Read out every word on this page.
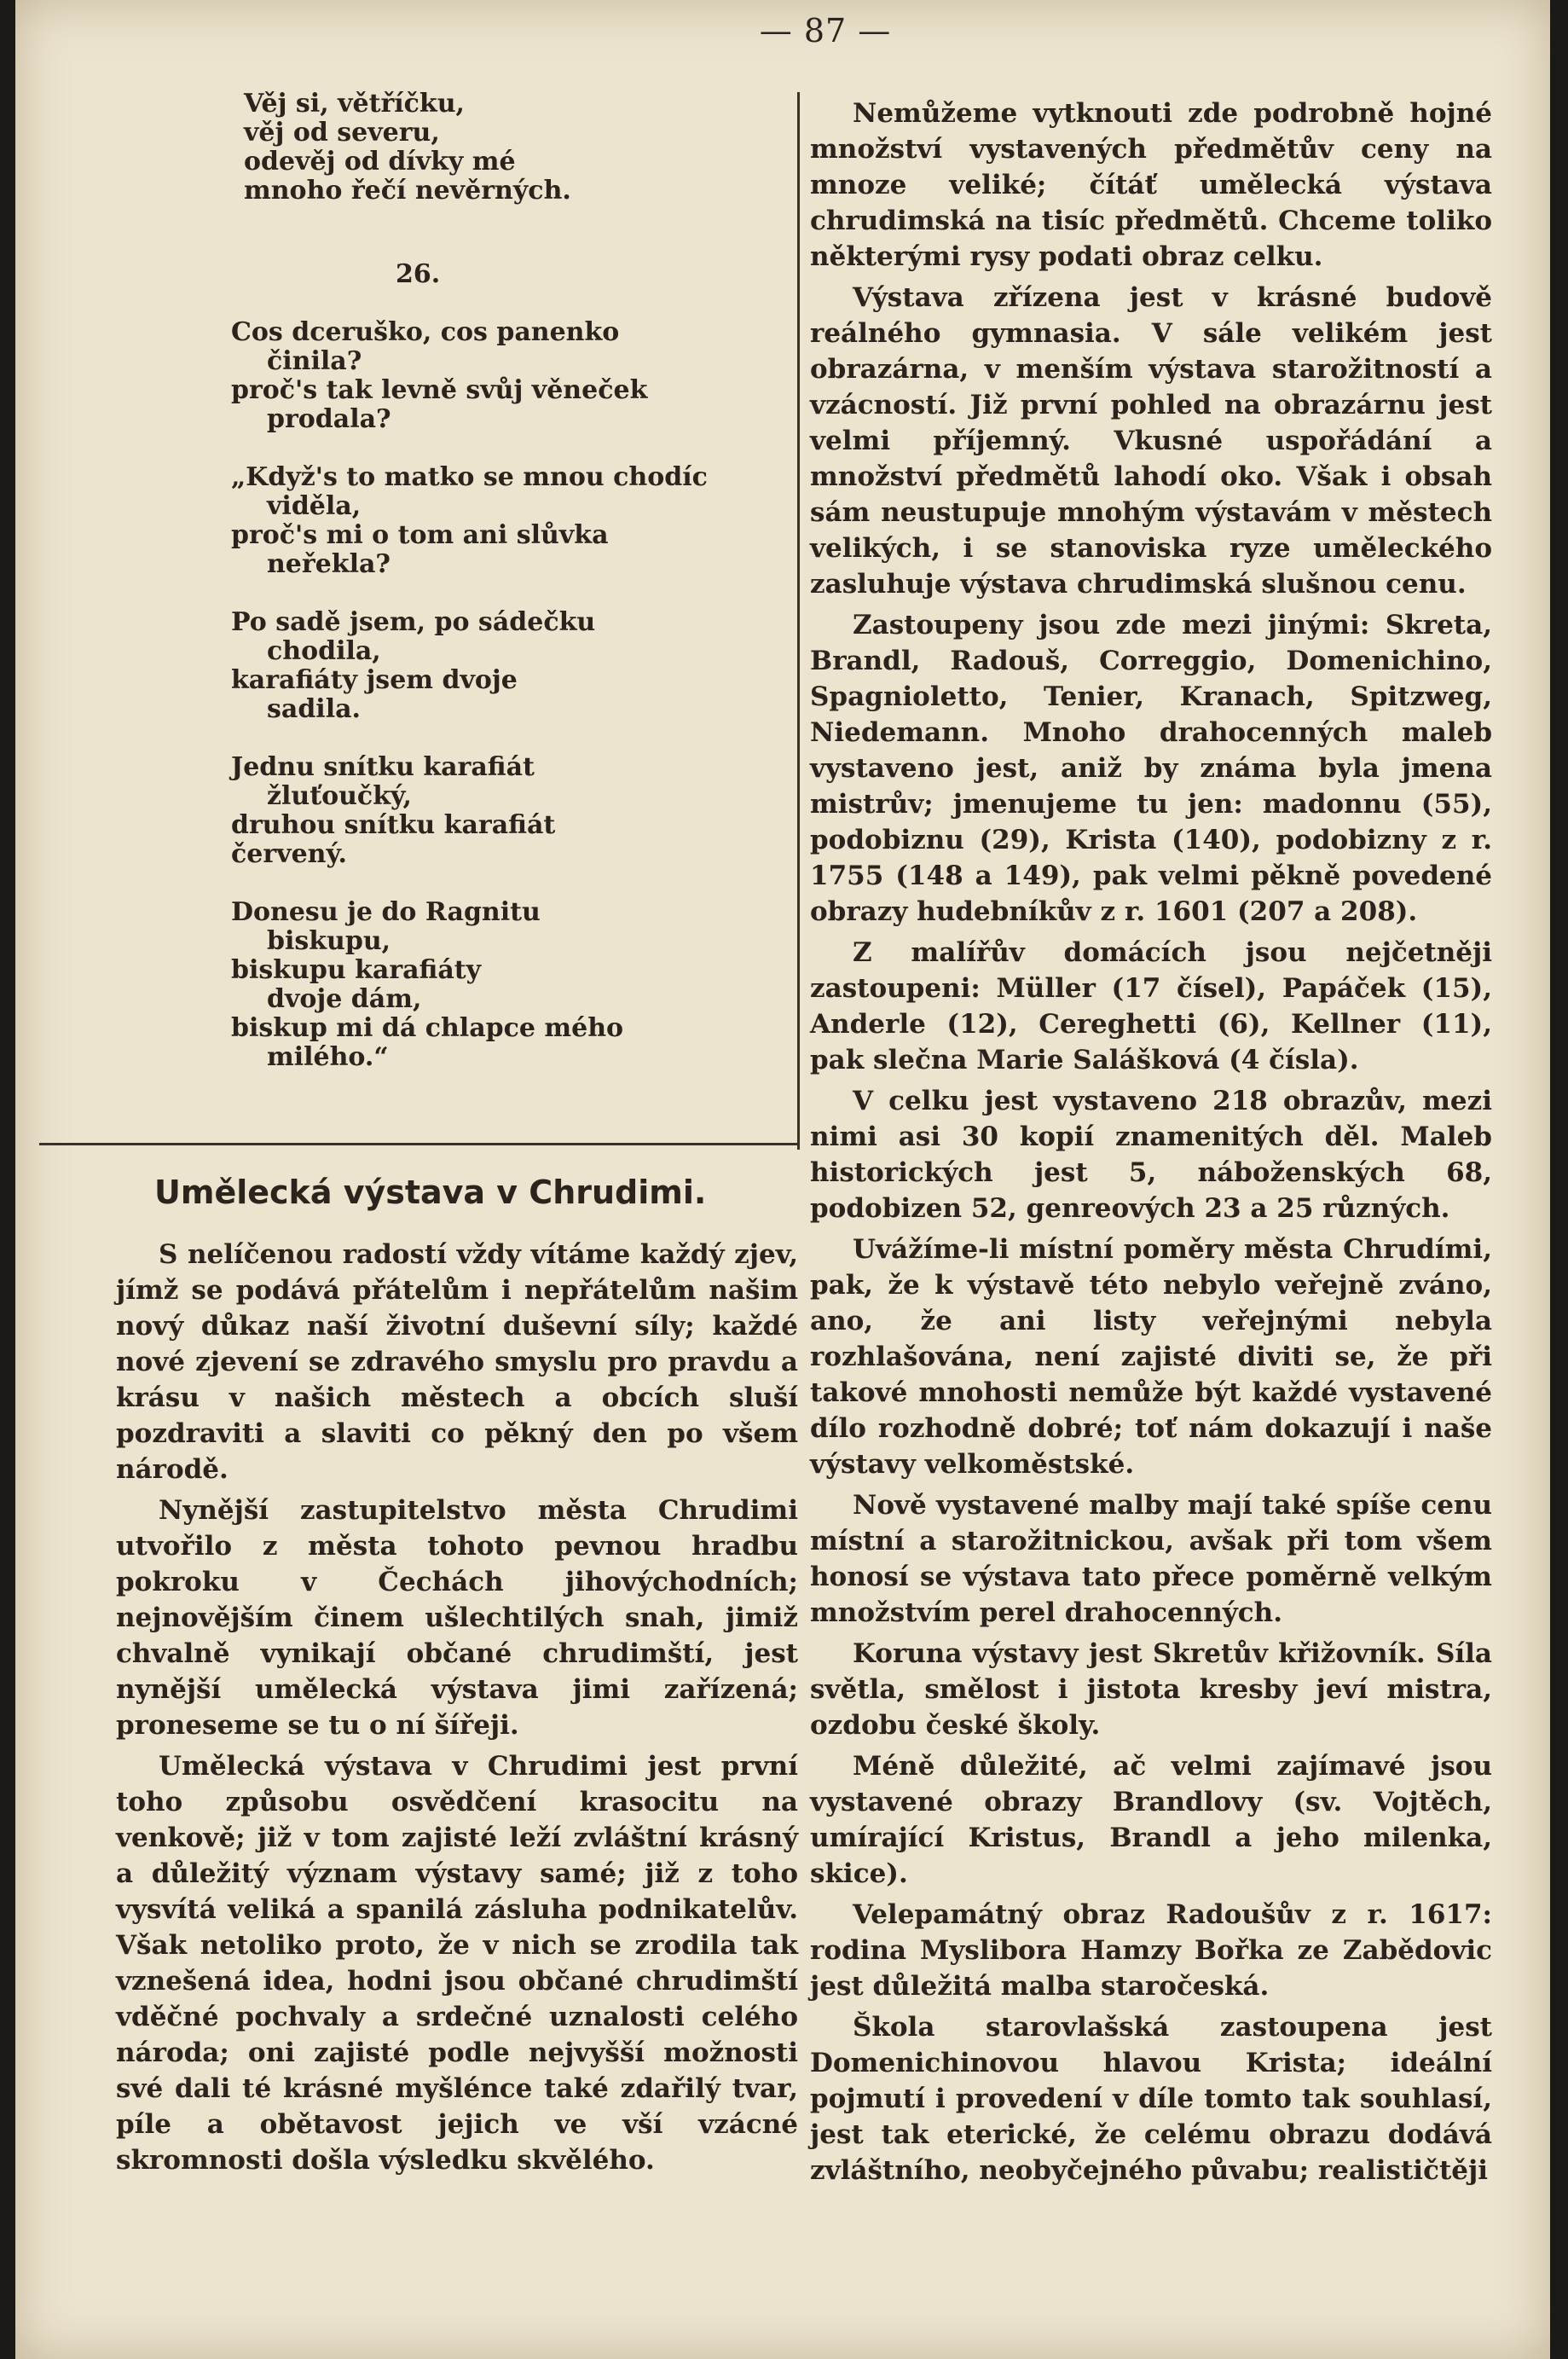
— 87 —
Věj si, větříčku,
věj od severu,
odevěj od dívky mé
mnoho řečí nevěrných.
26.
Cos dceruško, cos panenko
činila?
proč's tak levně svůj věneček
prodala?
„Když's to matko se mnou chodíc
viděla,
proč's mi o tom ani slůvka
neřekla?
Po sadě jsem, po sádečku
chodila,
karafiáty jsem dvoje
sadila.
Jednu snítku karafiát
žluťoučký,
druhou snítku karafiát
červený.
Donesu je do Ragnitu
biskupu,
biskupu karafiáty
dvoje dám,
biskup mi dá chlapce mého
milého.“
Umělecká výstava v Chrudimi.

S nelíčenou radostí vždy vítáme každý zjev, jímž se podává přátelům i nepřátelům našim nový důkaz naší životní duševní síly; každé nové zjevení se zdravého smyslu pro pravdu a krásu v našich městech a obcích sluší pozdraviti a slaviti co pěkný den po všem národě.

Nynější zastupitelstvo města Chrudimi utvořilo z města tohoto pevnou hradbu pokroku v Čechách jihovýchodních; nejnovějším činem ušlechtilých snah, jimiž chvalně vynikají občané chrudimští, jest nynější umělecká výstava jimi zařízená; proneseme se tu o ní šířeji.

Umělecká výstava v Chrudimi jest první toho způsobu osvědčení krasocitu na venkově; již v tom zajisté leží zvláštní krásný a důležitý význam výstavy samé; již z toho vysvítá veliká a spanilá zásluha podnikatelův. Však netoliko proto, že v nich se zrodila tak vznešená idea, hodni jsou občané chrudimští vděčné pochvaly a srdečné uznalosti celého národa; oni zajisté podle nejvyšší možnosti své dali té krásné myšlénce také zdařilý tvar, píle a obětavost jejich ve vší vzácné skromnosti došla výsledku skvělého.

Nemůžeme vytknouti zde podrobně hojné množství vystavených předmětův ceny na mnoze veliké; čítáť umělecká výstava chrudimská na tisíc předmětů. Chceme toliko některými rysy podati obraz celku.

Výstava zřízena jest v krásné budově reálného gymnasia. V sále velikém jest obrazárna, v menším výstava starožitností a vzácností. Již první pohled na obrazárnu jest velmi příjemný. Vkusné uspořádání a množství předmětů lahodí oko. Však i obsah sám neustupuje mnohým výstavám v městech velikých, i se stanoviska ryze uměleckého zasluhuje výstava chrudimská slušnou cenu.

Zastoupeny jsou zde mezi jinými: Skreta, Brandl, Radouš, Correggio, Domenichino, Spagnioletto, Tenier, Kranach, Spitzweg, Niedemann. Mnoho drahocenných maleb vystaveno jest, aniž by známa byla jmena mistrův; jmenujeme tu jen: madonnu (55), podobiznu (29), Krista (140), podobizny z r. 1755 (148 a 149), pak velmi pěkně povedené obrazy hudebníkův z r. 1601 (207 a 208).

Z malířův domácích jsou nejčetněji zastoupeni: Müller (17 čísel), Papáček (15), Anderle (12), Cereghetti (6), Kellner (11), pak slečna Marie Salášková (4 čísla).

V celku jest vystaveno 218 obrazův, mezi nimi asi 30 kopií znamenitých děl. Maleb historických jest 5, náboženských 68, podobizen 52, genreových 23 a 25 různých.

Uvážíme-li místní poměry města Chrudími, pak, že k výstavě této nebylo veřejně zváno, ano, že ani listy veřejnými nebyla rozhlašována, není zajisté diviti se, že při takové mnohosti nemůže být každé vystavené dílo rozhodně dobré; toť nám dokazují i naše výstavy velkoměstské.

Nově vystavené malby mají také spíše cenu místní a starožitnickou, avšak při tom všem honosí se výstava tato přece poměrně velkým množstvím perel drahocenných.

Koruna výstavy jest Skretův křižovník. Síla světla, smělost i jistota kresby jeví mistra, ozdobu české školy.

Méně důležité, ač velmi zajímavé jsou vystavené obrazy Brandlovy (sv. Vojtěch, umírající Kristus, Brandl a jeho milenka, skice).

Velepamátný obraz Radoušův z r. 1617: rodina Myslibora Hamzy Bořka ze Zabědovic jest důležitá malba staročeská.

Škola starovlašská zastoupena jest Domenichinovou hlavou Krista; ideální pojmutí i provedení v díle tomto tak souhlasí, jest tak eterické, že celému obrazu dodává zvláštního, neobyčejného půvabu; realističtěji
